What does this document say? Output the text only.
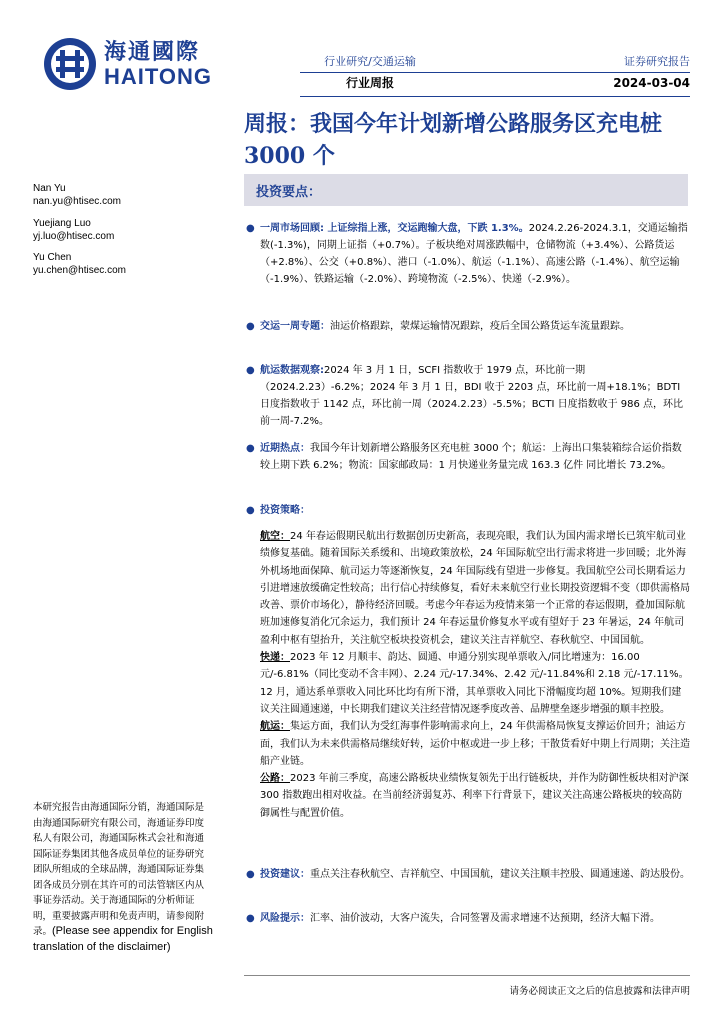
海通國際
HAITONG
行业研究/交通运输
行业周报
证券研究报告
2024-03-04
周报：我国今年计划新增公路服务区充电桩 3000 个
Nan Yu
nan.yu@htisec.com
Yuejiang Luo
yj.luo@htisec.com
Yu Chen
yu.chen@htisec.com
投资要点：
● 一周市场回顾: 上证综指上涨，交运跑输大盘，下跌 1.3%。2024.2.26-2024.3.1，交通运输指数(-1.3%)，同期上证指（+0.7%）。子板块绝对周涨跌幅中，仓储物流（+3.4%）、公路货运（+2.8%）、公交（+0.8%）、港口（-1.0%）、航运（-1.1%）、高速公路（-1.4%）、航空运输（-1.9%）、铁路运输（-2.0%）、跨境物流（-2.5%）、快递（-2.9%）。
● 交运一周专题：油运价格跟踪，蒙煤运输情况跟踪，疫后全国公路货运车流量跟踪。
● 航运数据观察:2024 年 3 月 1 日，SCFI 指数收于 1979 点，环比前一期（2024.2.23）-6.2%；2024 年 3 月 1 日，BDI 收于 2203 点，环比前一周+18.1%；BDTI 日度指数收于 1142 点，环比前一周（2024.2.23）-5.5%；BCTI 日度指数收于 986 点，环比前一周-7.2%。
● 近期热点：我国今年计划新增公路服务区充电桩 3000 个；航运：上海出口集装箱综合运价指数较上期下跌 6.2%；物流：国家邮政局：1 月快递业务量完成 163.3 亿件 同比增长 73.2%。
● 投资策略：

航空：24 年春运假期民航出行数据创历史新高，表现亮眼，我们认为国内需求增长已筑牢航司业绩修复基础。随着国际关系缓和、出境政策放松，24 年国际航空出行需求将进一步回暖；北外海外机场地面保障、航司运力等逐渐恢复，24 年国际线有望进一步修复。我国航空公司长期看运力引进增速放缓确定性较高；出行信心持续修复，看好未来航空行业长期投资逻辑不变（即供需格局改善、票价市场化），静待经济回暖。考虑今年春运为疫情来第一个正常的春运假期，叠加国际航班加速修复消化冗余运力，我们预计 24 年春运量价修复水平或有望好于 23 年暑运，24 年航司盈利中枢有望抬升，关注航空板块投资机会，建议关注吉祥航空、春秋航空、中国国航。

快递：2023 年 12 月顺丰、韵达、圆通、申通分别实现单票收入/同比增速为：16.00 元/-6.81%（同比变动不含丰网）、2.24 元/-17.34%、2.42 元/-11.84%和 2.18 元/-17.11%。12 月，通达系单票收入同比环比均有所下滑，其单票收入同比下滑幅度均超 10%。短期我们建议关注圆通速递，中长期我们建议关注经营情况逐季度改善、品牌壁垒逐步增强的顺丰控股。

航运：集运方面，我们认为受红海事件影响需求向上，24 年供需格局恢复支撑运价回升；油运方面，我们认为未来供需格局继续好转，运价中枢或进一步上移；干散货看好中期上行周期；关注造船产业链。

公路：2023 年前三季度，高速公路板块业绩恢复领先于出行链板块，并作为防御性板块相对沪深 300 指数跑出相对收益。在当前经济弱复苏、利率下行背景下，建议关注高速公路板块的较高防御属性与配置价值。

● 投资建议：重点关注春秋航空、吉祥航空、中国国航，建议关注顺丰控股、圆通速递、韵达股份。
● 风险提示：汇率、油价波动，大客户流失，合同签署及需求增速不达预期，经济大幅下滑。
本研究报告由海通国际分销，海通国际是由海通国际研究有限公司，海通证券印度私人有限公司，海通国际株式会社和海通国际证券集团其他各成员单位的证券研究团队所组成的全球品牌，海通国际证券集团各成员分别在其许可的司法管辖区内从事证券活动。关于海通国际的分析师证明，重要披露声明和免责声明，请参阅附录。(Please see appendix for English translation of the disclaimer)
请务必阅读正文之后的信息披露和法律声明
